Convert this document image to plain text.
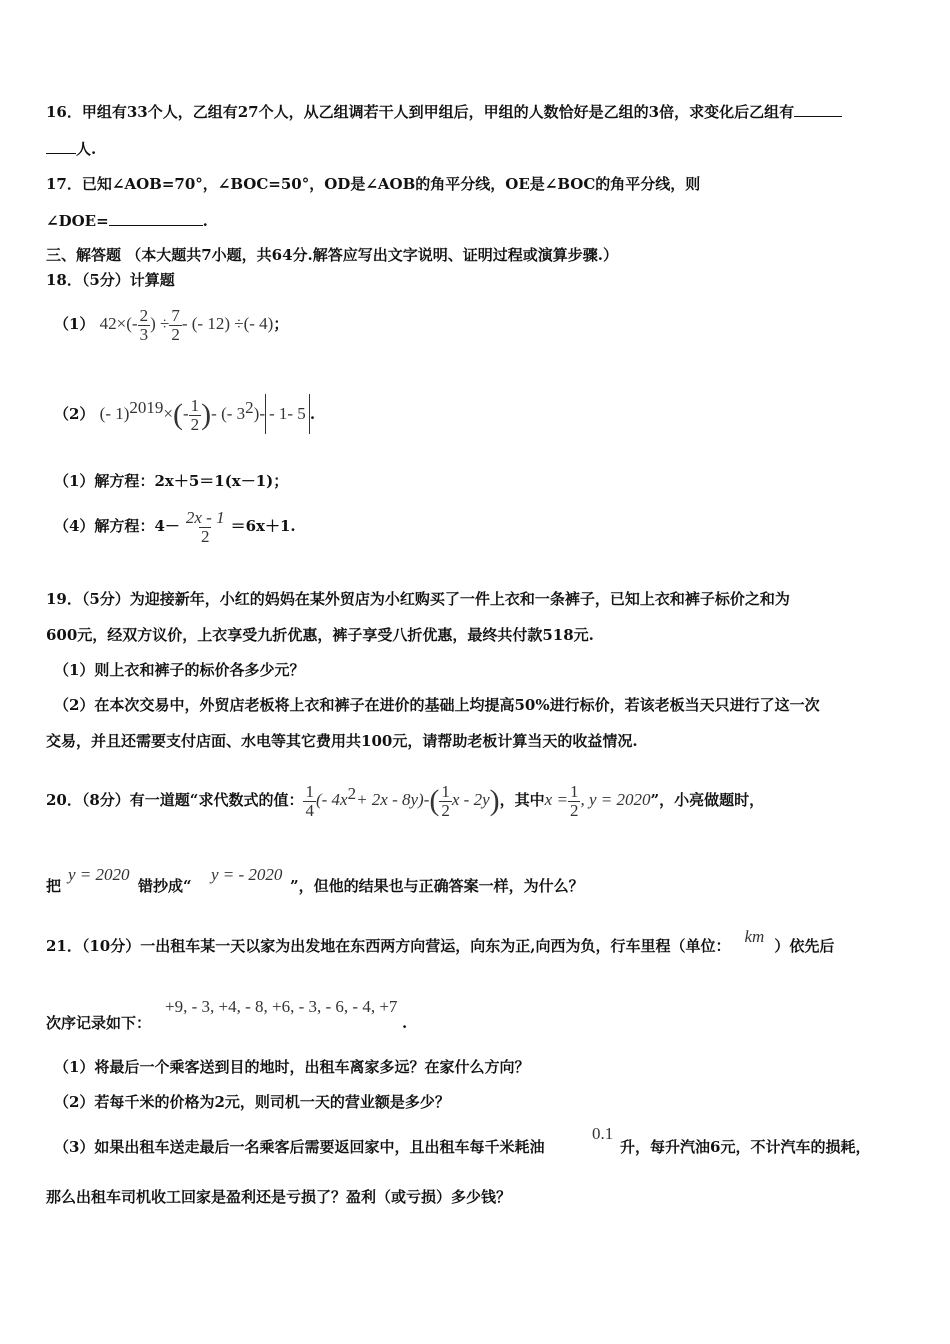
16．甲组有33个人，乙组有27个人，从乙组调若干人到甲组后，甲组的人数恰好是乙组的3倍，求变化后乙组有
人.
17．已知∠AOB=70°，∠BOC=50°，OD是∠AOB的角平分线，OE是∠BOC的角平分线，则
∠DOE=	.
三、解答题 （本大题共7小题，共64分.解答应写出文字说明、证明过程或演算步骤.）
18．（5分）计算题
（1） $42\times(- \frac{2}{3}$ ) ÷ $\frac{7}{2}$ - (- 12) ÷(- 4)；
（2） (- $1)^{2019}\times(- \frac{1}{2}$ )- (- $3^2)- - 1-$ 5 .
（1）解方程：2x＋5＝1(x－1)；
（4）解方程：$4- \frac{2x - 1}{2} =6x+1$.
19．（5分）为迎接新年，小红的妈妈在某外贸店为小红购买了一件上衣和一条裤子，已知上衣和裤子标价之和为
600元，经双方议价，上衣享受九折优惠，裤子享受八折优惠，最终共付款518元.
（1）则上衣和裤子的标价各多少元？
（2）在本次交易中，外贸店老板将上衣和裤子在进价的基础上均提高50%进行标价，若该老板当天只进行了这一次
交易，并且还需要支付店面、水电等其它费用共100元，请帮助老板计算当天的收益情况.
20．（8分）有一道题“求代数式的值： $\frac{1}{4}$ (- $4x^2+ 2x - 8y)-( \frac{1}{2}$ x - 2y)，其中$x = \frac{1}{2}$ , y = 2020”，小亮做题时，
把
y = 2020
错抄成“
y = - 2020
”，但他的结果也与正确答案一样，为什么？
21．（10分）一出租车某一天以家为出发地在东西两方向营运，向东为正,向西为负，行车里程（单位： km ）依先后
次序记录如下：
+9, - 3, +4, - 8, +6, - 3, - 6, - 4, +7
.
（1）将最后一个乘客送到目的地时，出租车离家多远？在家什么方向？
（2）若每千米的价格为2元，则司机一天的营业额是多少？
（3）如果出租车送走最后一名乘客后需要返回家中，且出租车每千米耗油
0.1
升，每升汽油6元，不计汽车的损耗，
那么出租车司机收工回家是盈利还是亏损了？盈利（或亏损）多少钱？
